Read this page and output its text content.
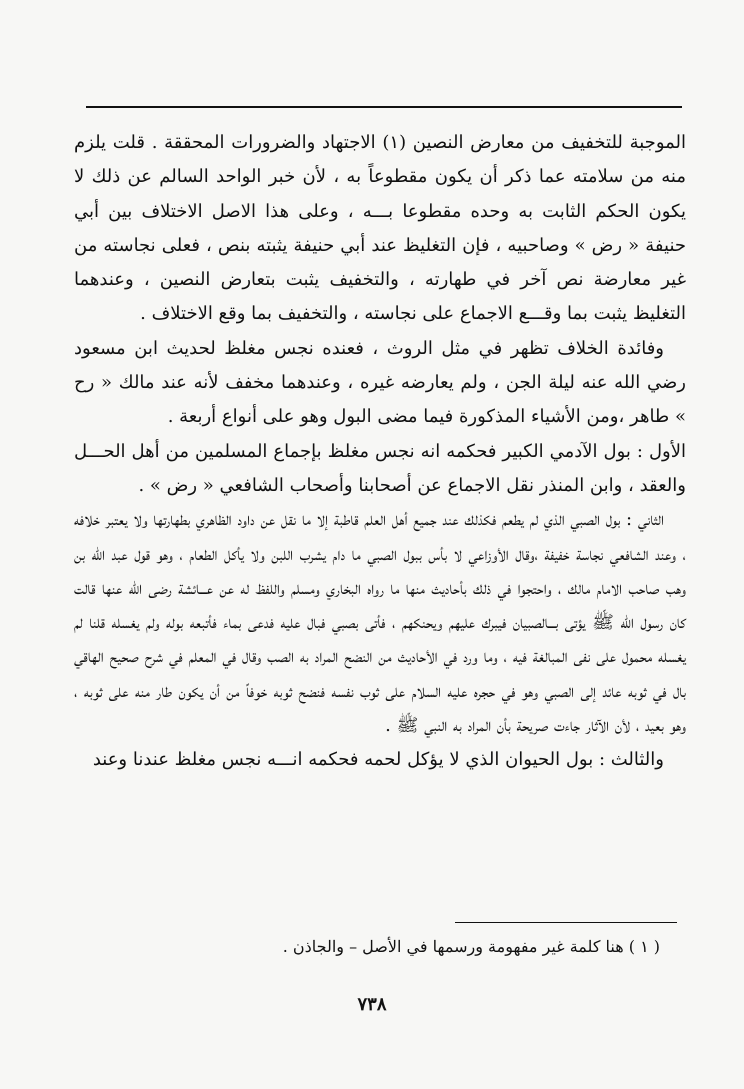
الموجبة للتخفيف من معارض النصين (١) الاجتهاد والضرورات المحققة . قلت يلزم منه من سلامته عما ذكر أن يكون مقطوعاً به ، لأن خبر الواحد السالم عن ذلك لا يكون الحكم الثابت به وحده مقطوعا بـــه ، وعلى هذا الاصل الاختلاف بين أبي حنيفة « رض » وصاحبيه ، فإن التغليظ عند أبي حنيفة يثبته بنص ، فعلى نجاسته من غير معارضة نص آخر في طهارته ، والتخفيف يثبت بتعارض النصين ، وعندهما التغليظ يثبت بما وقـــع الاجماع على نجاسته ، والتخفيف بما وقع الاختلاف .

وفائدة الخلاف تظهر في مثل الروث ، فعنده نجس مغلظ لحديث ابن مسعود رضي الله عنه ليلة الجن ، ولم يعارضه غيره ، وعندهما مخفف لأنه عند مالك « رح » طاهر ،ومن الأشياء المذكورة فيما مضى البول وهو على أنواع أربعة .

الأول : بول الآدمي الكبير فحكمه انه نجس مغلظ بإجماع المسلمين من أهل الحـــل والعقد ، وابن المنذر نقل الاجماع عن أصحابنا وأصحاب الشافعي « رض » .

الثاني : بول الصبي الذي لم يطعم فكذلك عند جميع أهل العلم قاطبة إلا ما نقل عن داود الظاهري بطهارتها ولا يعتبر خلافه ، وعند الشافعي نجاسة خفيفة ،وقال الأوزاعي لا بأس ببول الصبي ما دام يشرب اللبن ولا يأكل الطعام ، وهو قول عبد الله بن وهب صاحب الامام مالك ، واحتجوا في ذلك بأحاديث منها ما رواه البخاري ومسلم واللفظ له عن عـــائشة رضى الله عنها قالت كان رسول الله ﷺ يؤتى بـــالصبيان فيبرك عليهم ويحنكهم ، فأتى بصبي فبال عليه فدعى بماء فأتبعه بوله ولم يغسله قلنا لم يغسله محمول على نفى المبالغة فيه ، وما ورد في الأحاديث من النضح المراد به الصب وقال في المعلم في شرح صحيح الهاقي بال في ثوبه عائد إلى الصبي وهو في حجره عليه السلام على ثوب نفسه فنضح ثوبه خوفاً من أن يكون طار منه على ثوبه ، وهو بعيد ، لأن الآثار جاءت صريحة بأن المراد به النبي ﷺ .

والثالث : بول الحيوان الذي لا يؤكل لحمه فحكمه انـــه نجس مغلظ عندنا وعند

( ١ ) هنا كلمة غير مفهومة ورسمها في الأصل – والجاذن .
٧٣٨
